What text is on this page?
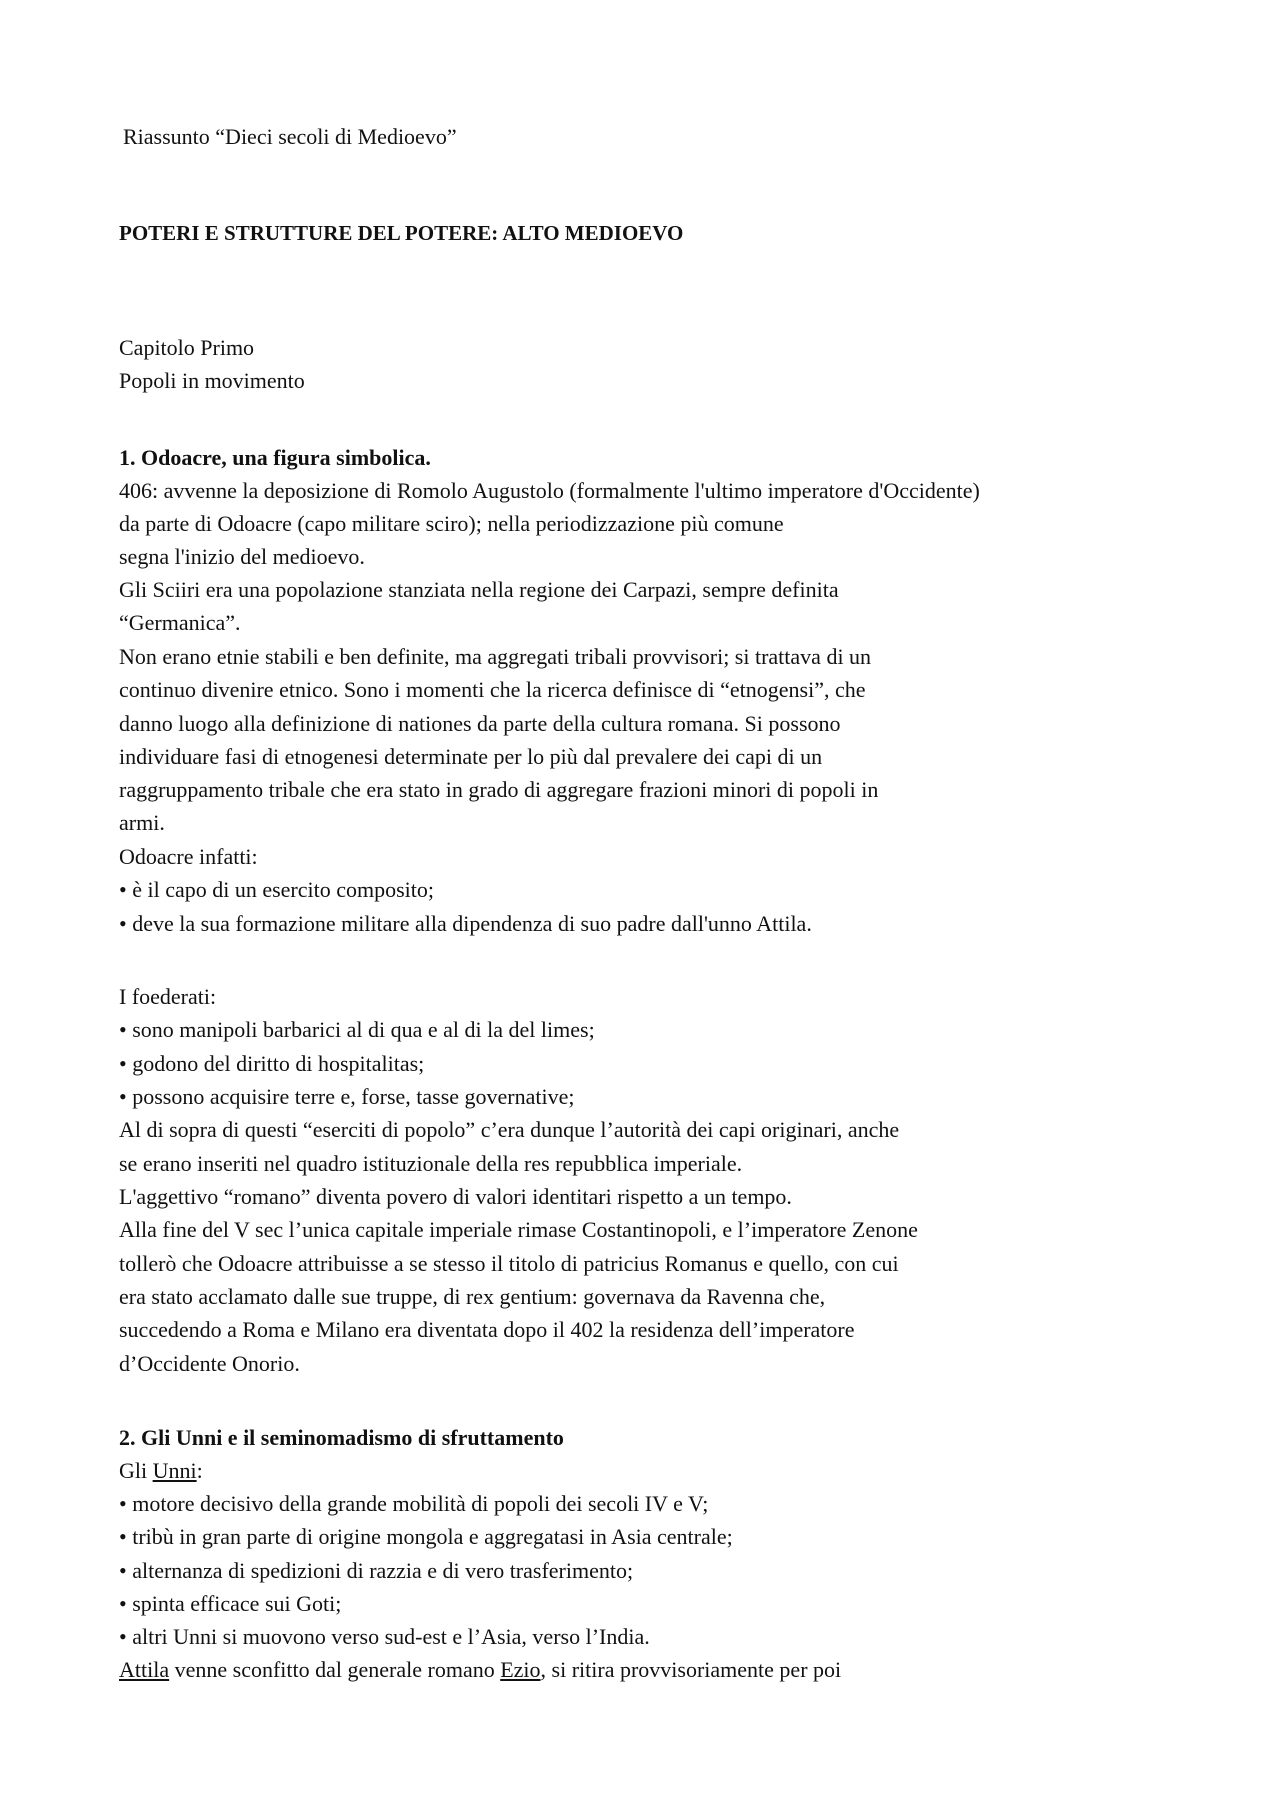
Riassunto “Dieci secoli di Medioevo”
POTERI E STRUTTURE DEL POTERE: ALTO MEDIOEVO
Capitolo Primo
Popoli in movimento
1. Odoacre, una figura simbolica.
406: avvenne la deposizione di Romolo Augustolo (formalmente l'ultimo imperatore d'Occidente)
da parte di Odoacre (capo militare sciro); nella periodizzazione più comune
segna l'inizio del medioevo.
Gli Sciiri era una popolazione stanziata nella regione dei Carpazi, sempre definita
“Germanica”.
Non erano etnie stabili e ben definite, ma aggregati tribali provvisori; si trattava di un
continuo divenire etnico. Sono i momenti che la ricerca definisce di “etnogensi”, che
danno luogo alla definizione di nationes da parte della cultura romana. Si possono
individuare fasi di etnogenesi determinate per lo più dal prevalere dei capi di un
raggruppamento tribale che era stato in grado di aggregare frazioni minori di popoli in
armi.
Odoacre infatti:
• è il capo di un esercito composito;
• deve la sua formazione militare alla dipendenza di suo padre dall'unno Attila.
I foederati:
• sono manipoli barbarici al di qua e al di la del limes;
• godono del diritto di hospitalitas;
• possono acquisire terre e, forse, tasse governative;
Al di sopra di questi “eserciti di popolo” c’era dunque l’autorità dei capi originari, anche
se erano inseriti nel quadro istituzionale della res repubblica imperiale.
L'aggettivo “romano” diventa povero di valori identitari rispetto a un tempo.
Alla fine del V sec l’unica capitale imperiale rimase Costantinopoli, e l’imperatore Zenone
tollerò che Odoacre attribuisse a se stesso il titolo di patricius Romanus e quello, con cui
era stato acclamato dalle sue truppe, di rex gentium: governava da Ravenna che,
succedendo a Roma e Milano era diventata dopo il 402 la residenza dell’imperatore
d’Occidente Onorio.
2. Gli Unni e il seminomadismo di sfruttamento
Gli Unni:
• motore decisivo della grande mobilità di popoli dei secoli IV e V;
• tribù in gran parte di origine mongola e aggregatasi in Asia centrale;
• alternanza di spedizioni di razzia e di vero trasferimento;
• spinta efficace sui Goti;
• altri Unni si muovono verso sud-est e l’Asia, verso l’India.
Attila venne sconfitto dal generale romano Ezio, si ritira provvisoriamente per poi
